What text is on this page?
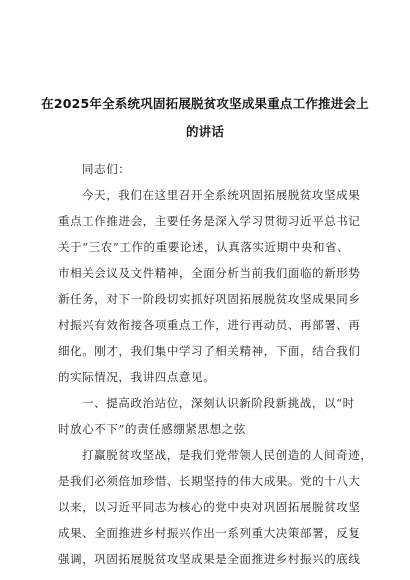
在2025年全系统巩固拓展脱贫攻坚成果重点工作推进会上
的讲话
同志们：
今天，我们在这里召开全系统巩固拓展脱贫攻坚成果
重点工作推进会，主要任务是深入学习贯彻习近平总书记
关于“三农”工作的重要论述，认真落实近期中央和省、
市相关会议及文件精神，全面分析当前我们面临的新形势
新任务，对下一阶段切实抓好巩固拓展脱贫攻坚成果同乡
村振兴有效衔接各项重点工作，进行再动员、再部署、再
细化。刚才，我们集中学习了相关精神，下面，结合我们
的实际情况，我讲四点意见。
一、提高政治站位，深刻认识新阶段新挑战，以“时
时放心不下”的责任感绷紧思想之弦
打赢脱贫攻坚战，是我们党带领人民创造的人间奇迹，
是我们必须倍加珍惜、长期坚持的伟大成果。党的十八大
以来，以习近平同志为核心的党中央对巩固拓展脱贫攻坚
成果、全面推进乡村振兴作出一系列重大决策部署，反复
强调，巩固拓展脱贫攻坚成果是全面推进乡村振兴的底线
